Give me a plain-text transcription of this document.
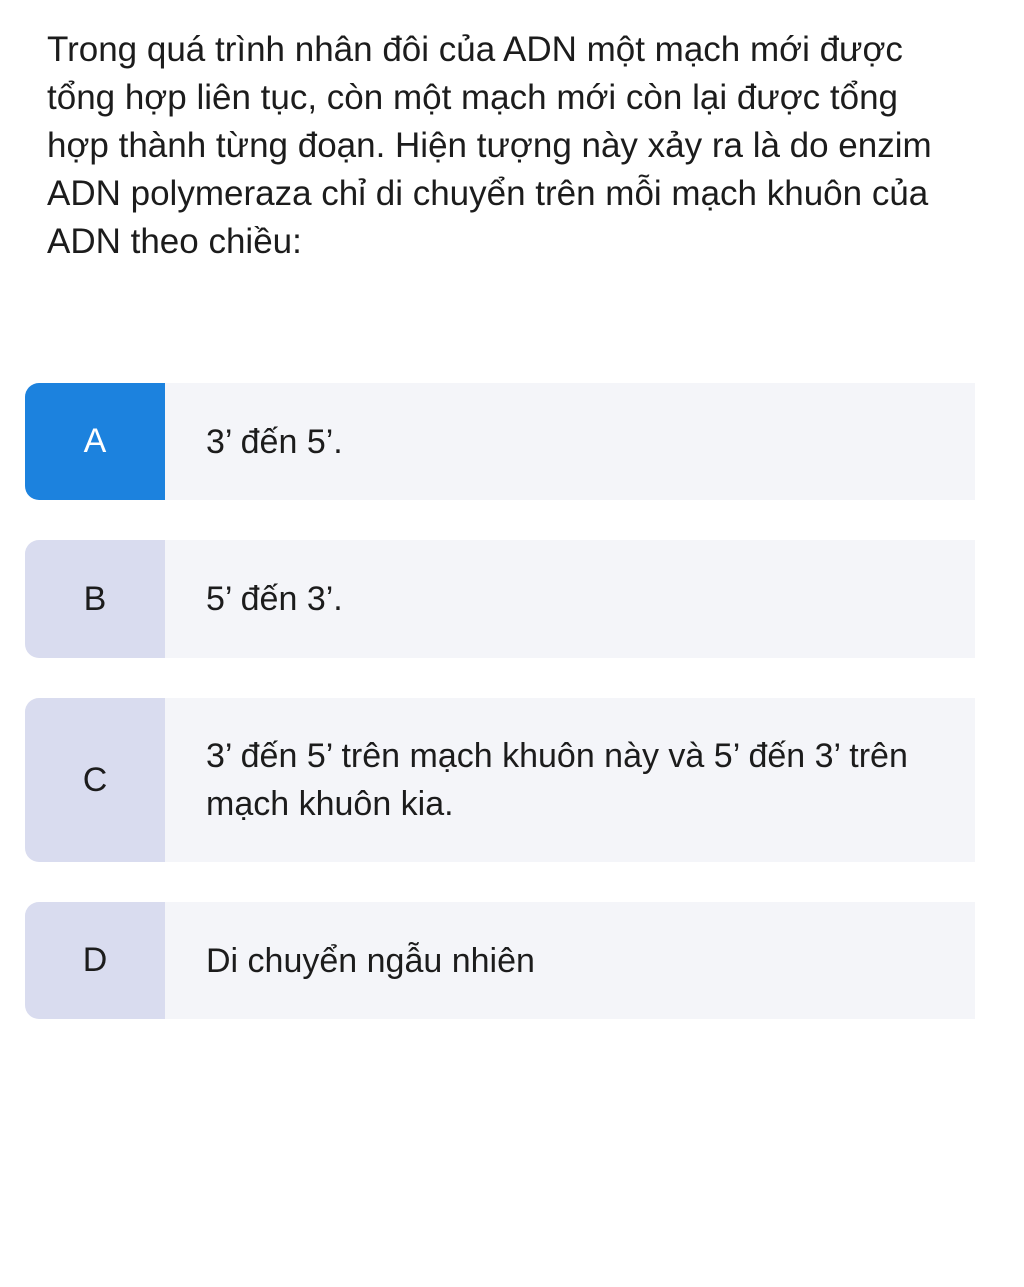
Trong quá trình nhân đôi của ADN một mạch mới được tổng hợp liên tục, còn một mạch mới còn lại được tổng hợp thành từng đoạn. Hiện tượng này xảy ra là do enzim ADN polymeraza chỉ di chuyển trên mỗi mạch khuôn của ADN theo chiều:

A	3’ đến 5’.
B	5’ đến 3’.
C
3’ đến 5’ trên mạch khuôn này và 5’ đến 3’ trên mạch khuôn kia.
D	Di chuyển ngẫu nhiên
